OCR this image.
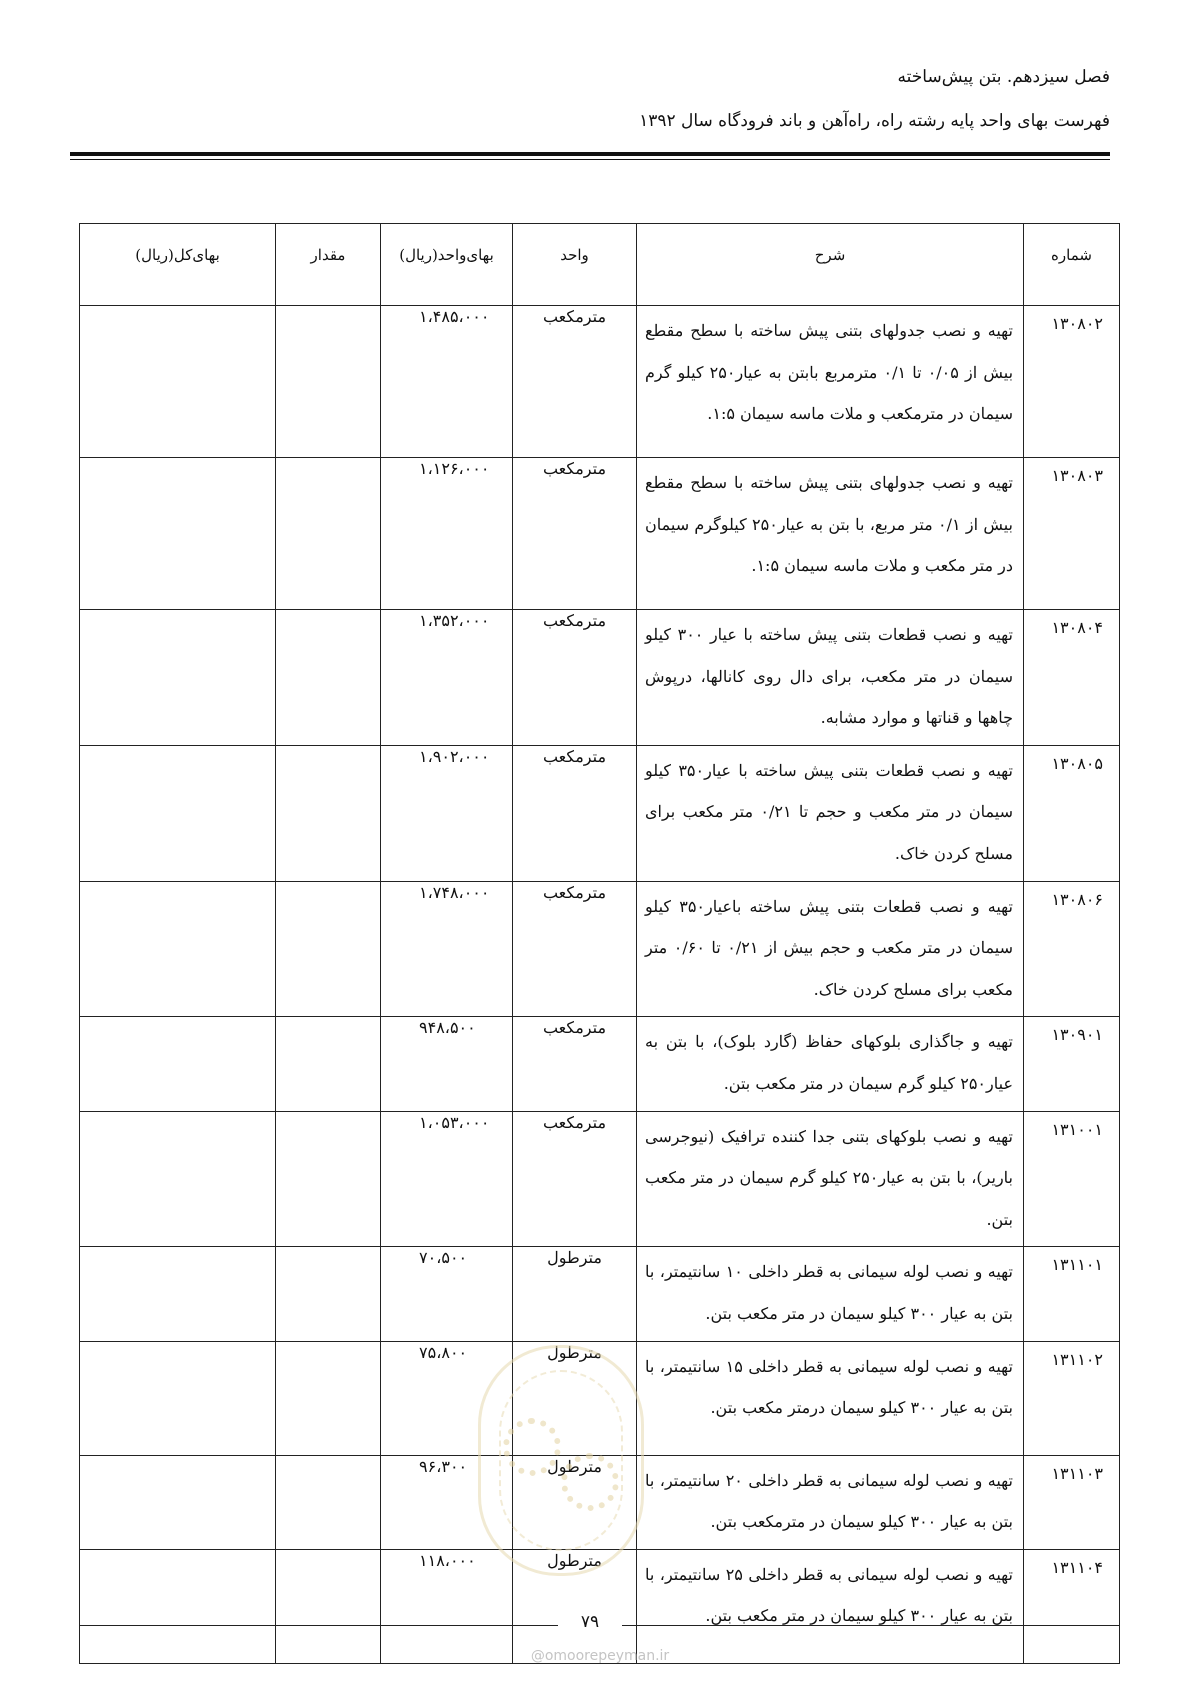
فصل سیزدهم. بتن پیش‌ساخته
فهرست بهای واحد پایه رشته راه، راه‌آهن و باند فرودگاه سال ۱۳۹۲
شماره	شرح	واحد	بهای‌واحد(ریال)	مقدار	بهای‌کل(ریال)
۱۳۰۸۰۲	تهیه و نصب جدولهای بتنی پیش ساخته با سطح مقطع بیش از ۰/۰۵ تا ۰/۱ مترمربع بابتن به عیار۲۵۰ کیلو گرم سیمان در مترمکعب و ملات ماسه سیمان ۱:۵.	مترمکعب	۱،۴۸۵،۰۰۰		
۱۳۰۸۰۳	تهیه و نصب جدولهای بتنی پیش ساخته با سطح مقطع بیش از ۰/۱ متر مربع، با بتن به عیار۲۵۰ کیلوگرم سیمان در متر مکعب و ملات ماسه سیمان ۱:۵.	مترمکعب	۱،۱۲۶،۰۰۰		
۱۳۰۸۰۴	تهیه و نصب قطعات بتنی پیش ساخته با عیار ۳۰۰ کیلو سیمان در متر مکعب، برای دال روی کانالها، درپوش چاهها و قناتها و موارد مشابه.	مترمکعب	۱،۳۵۲،۰۰۰		
۱۳۰۸۰۵	تهیه و نصب قطعات بتنی پیش ساخته با عیار۳۵۰ کیلو سیمان در متر مکعب و حجم تا ۰/۲۱ متر مکعب برای مسلح کردن خاک.	مترمکعب	۱،۹۰۲،۰۰۰		
۱۳۰۸۰۶	تهیه و نصب قطعات بتنی پیش ساخته باعیار۳۵۰ کیلو سیمان در متر مکعب و حجم بیش از ۰/۲۱ تا ۰/۶۰ متر مکعب برای مسلح کردن خاک.	مترمکعب	۱،۷۴۸،۰۰۰		
۱۳۰۹۰۱	تهیه و جاگذاری بلوکهای حفاظ (گارد بلوک)، با بتن به عیار۲۵۰ کیلو گرم سیمان در متر مکعب بتن.	مترمکعب	۹۴۸،۵۰۰		
۱۳۱۰۰۱	تهیه و نصب بلوکهای بتنی جدا کننده ترافیک (نیوجرسی باریر)، با بتن به عیار۲۵۰ کیلو گرم سیمان در متر مکعب بتن.	مترمکعب	۱،۰۵۳،۰۰۰		
۱۳۱۱۰۱	تهیه و نصب لوله سیمانی به قطر داخلی ۱۰ سانتیمتر، با بتن به عیار ۳۰۰ کیلو سیمان در متر مکعب بتن.	مترطول	۷۰،۵۰۰		
۱۳۱۱۰۲	تهیه و نصب لوله سیمانی به قطر داخلی ۱۵ سانتیمتر، با بتن به عیار ۳۰۰ کیلو سیمان درمتر مکعب بتن.	مترطول	۷۵،۸۰۰		
۱۳۱۱۰۳	تهیه و نصب لوله سیمانی به قطر داخلی ۲۰ سانتیمتر، با بتن به عیار ۳۰۰ کیلو سیمان در مترمکعب بتن.	مترطول	۹۶،۳۰۰		
۱۳۱۱۰۴	تهیه و نصب لوله سیمانی به قطر داخلی ۲۵ سانتیمتر، با بتن به عیار ۳۰۰ کیلو سیمان در متر مکعب بتن.	مترطول	۱۱۸،۰۰۰		
۷۹
@omoorepeyman.ir
